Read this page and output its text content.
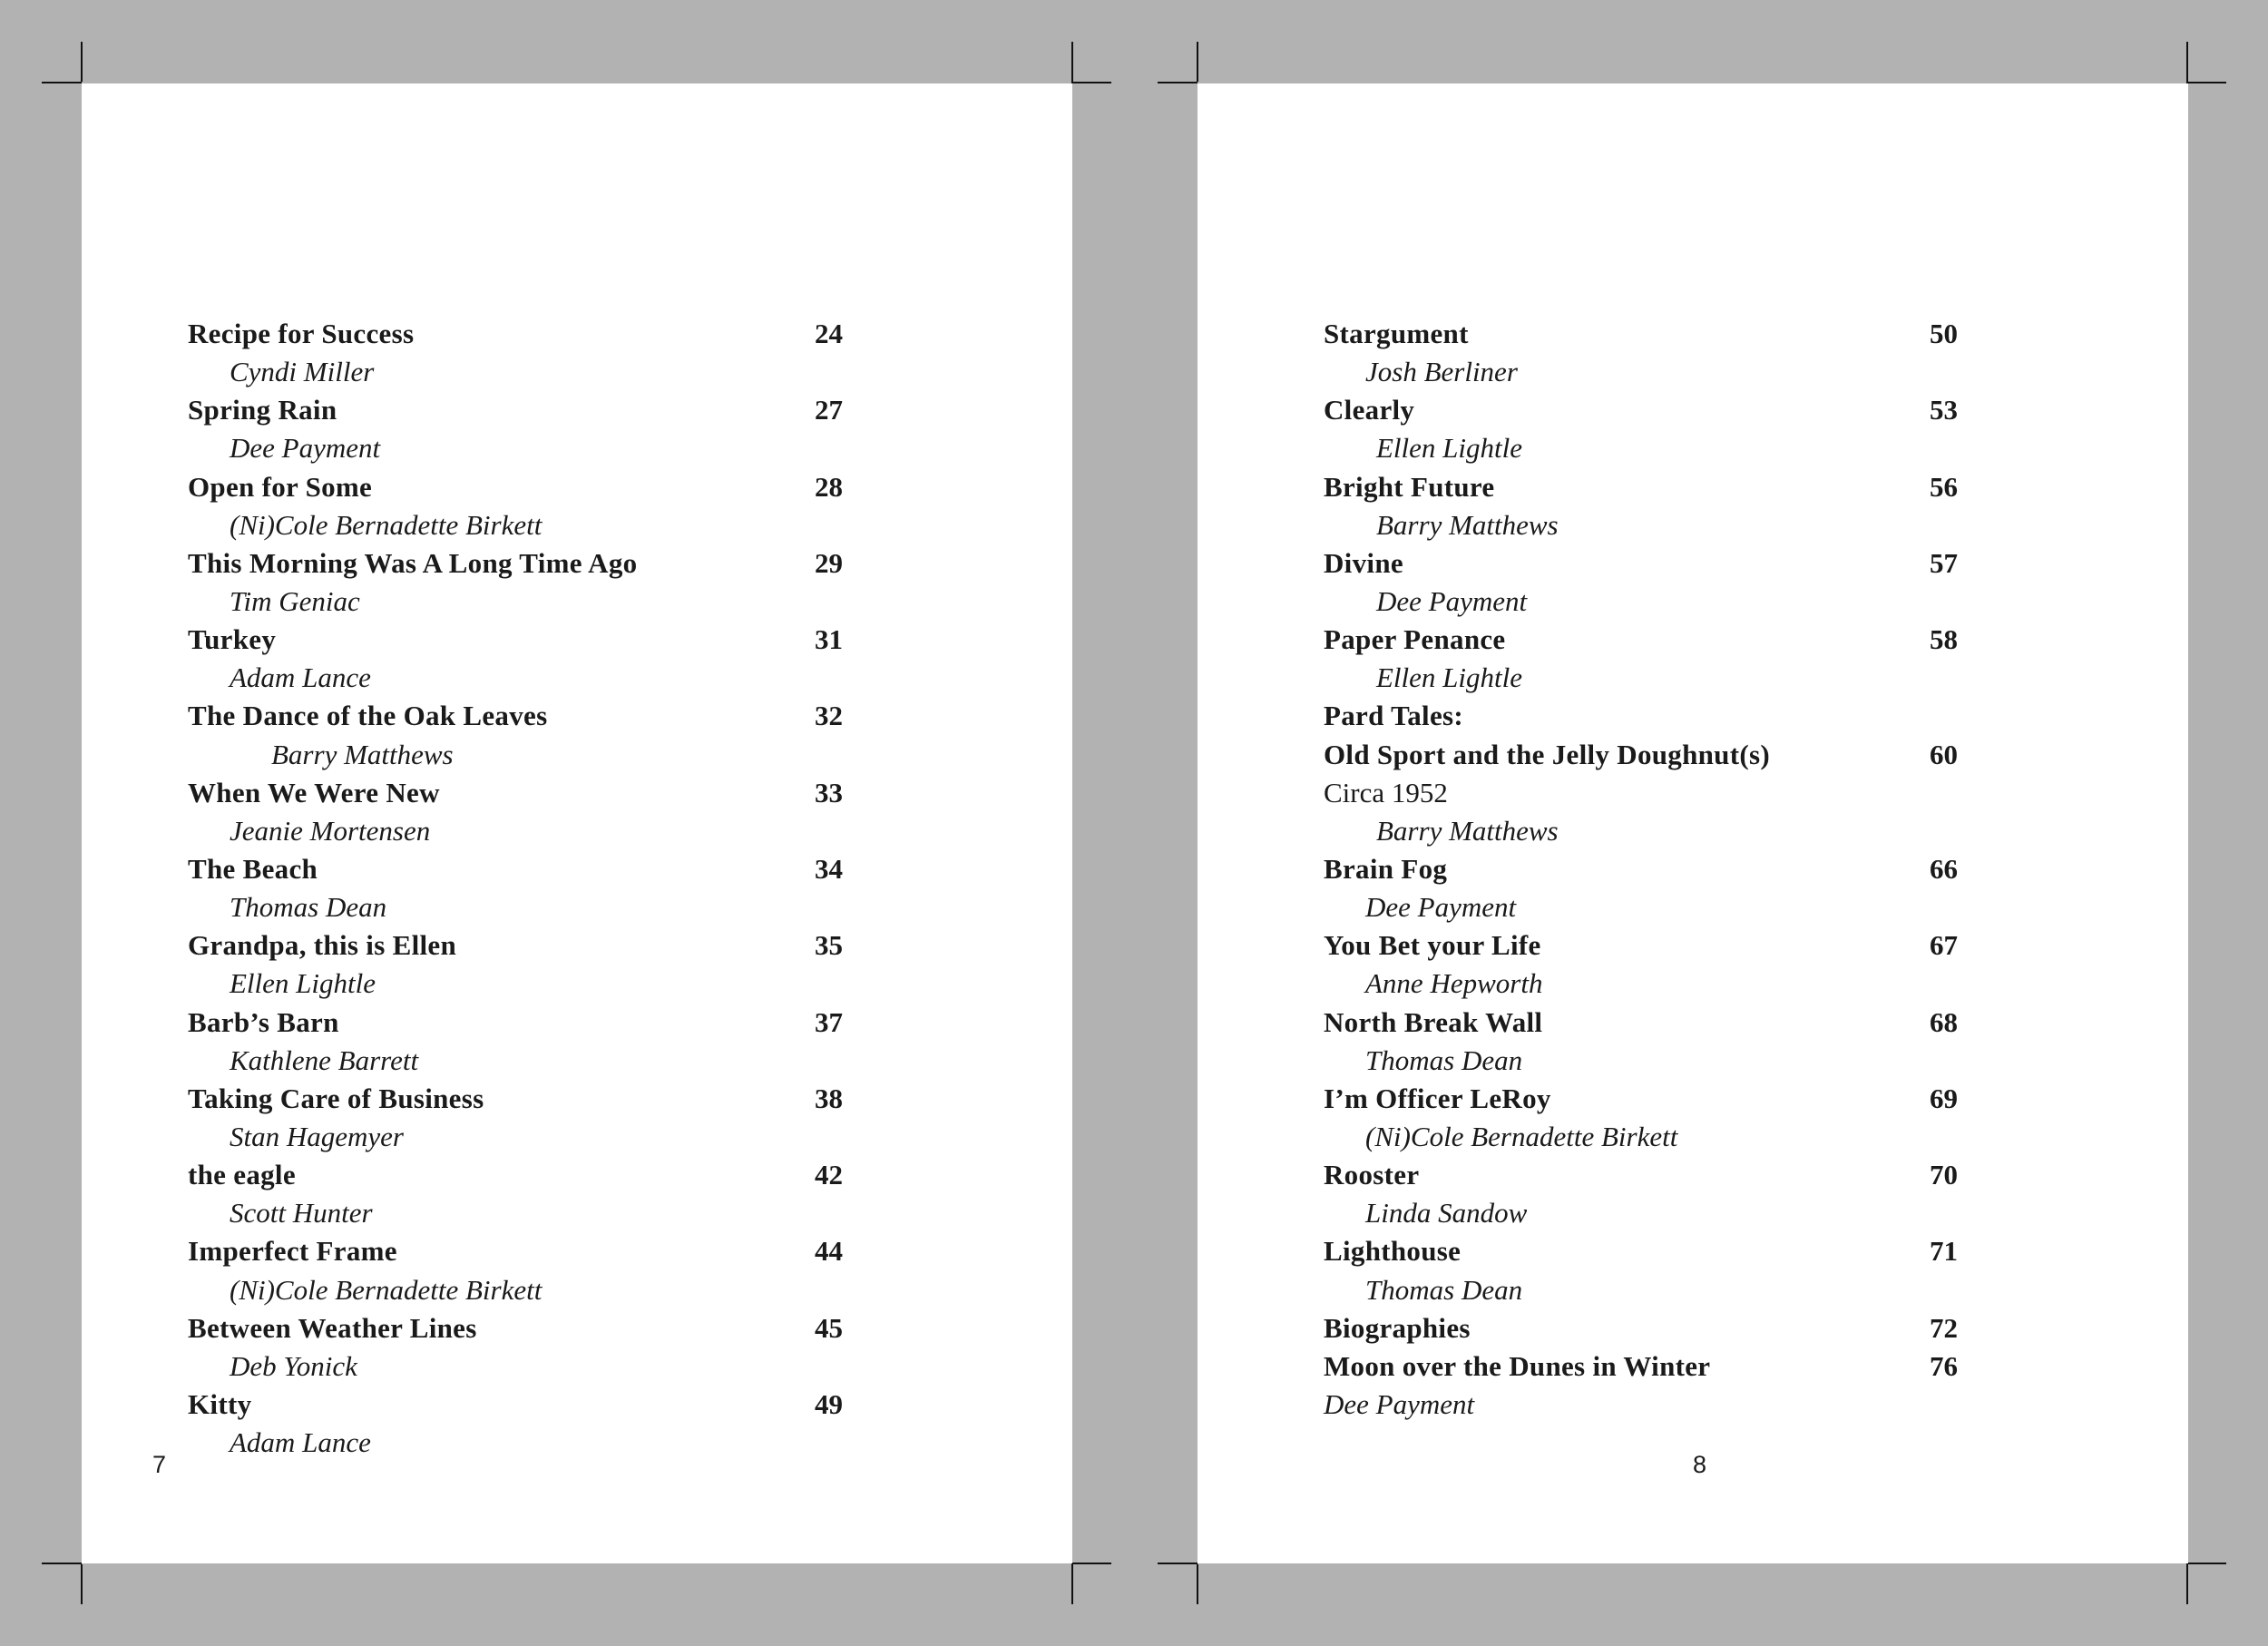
Recipe for Success	24
Cyndi Miller
Spring Rain	27
Dee Payment
Open for Some	28
(Ni)Cole Bernadette Birkett
This Morning Was A Long Time Ago	29
Tim Geniac
Turkey	31
Adam Lance
The Dance of the Oak Leaves	32
Barry Matthews
When We Were New	33
Jeanie Mortensen
The Beach	34
Thomas Dean
Grandpa, this is Ellen	35
Ellen Lightle
Barb’s Barn	37
Kathlene Barrett
Taking Care of Business	38
Stan Hagemyer
the eagle	42
Scott Hunter
Imperfect Frame	44
(Ni)Cole Bernadette Birkett
Between Weather Lines	45
Deb Yonick
Kitty	49
Adam Lance
7
Stargument	50
Josh Berliner
Clearly	53
Ellen Lightle
Bright Future	56
Barry Matthews
Divine	57
Dee Payment
Paper Penance	58
Ellen Lightle
Pard Tales:
Old Sport and the Jelly Doughnut(s)	60
Circa 1952
Barry Matthews
Brain Fog	66
Dee Payment
You Bet your Life	67
Anne Hepworth
North Break Wall	68
Thomas Dean
I’m Officer LeRoy	69
(Ni)Cole Bernadette Birkett
Rooster	70
Linda Sandow
Lighthouse	71
Thomas Dean
Biographies	72
Moon over the Dunes in Winter	76
Dee Payment
8
